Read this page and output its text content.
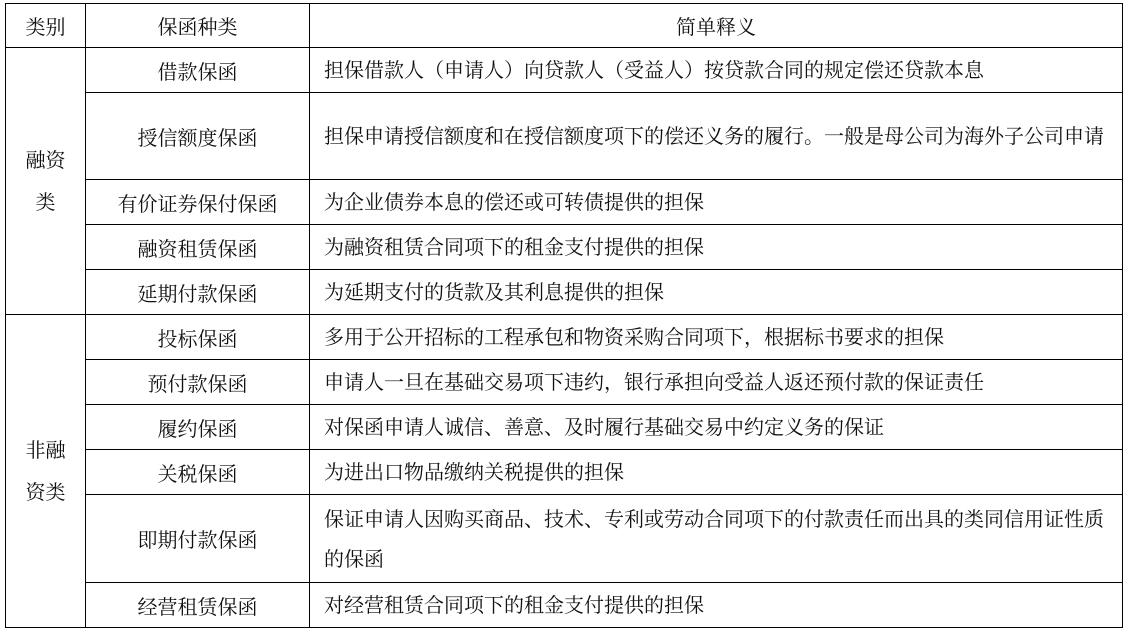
类别	保函种类	简单释义

融资类	借款保函	担保借款人（申请人）向贷款人（受益人）按贷款合同的规定偿还贷款本息
	授信额度保函	担保申请授信额度和在授信额度项下的偿还义务的履行。一般是母公司为海外子公司申请
	有价证券保付保函	为企业债券本息的偿还或可转债提供的担保
	融资租赁保函	为融资租赁合同项下的租金支付提供的担保
	延期付款保函	为延期支付的货款及其利息提供的担保

非融资类	投标保函	多用于公开招标的工程承包和物资采购合同项下，根据标书要求的担保
	预付款保函	申请人一旦在基础交易项下违约，银行承担向受益人返还预付款的保证责任
	履约保函	对保函申请人诚信、善意、及时履行基础交易中约定义务的保证
	关税保函	为进出口物品缴纳关税提供的担保
	即期付款保函	保证申请人因购买商品、技术、专利或劳动合同项下的付款责任而出具的类同信用证性质的保函
	经营租赁保函	对经营租赁合同项下的租金支付提供的担保
